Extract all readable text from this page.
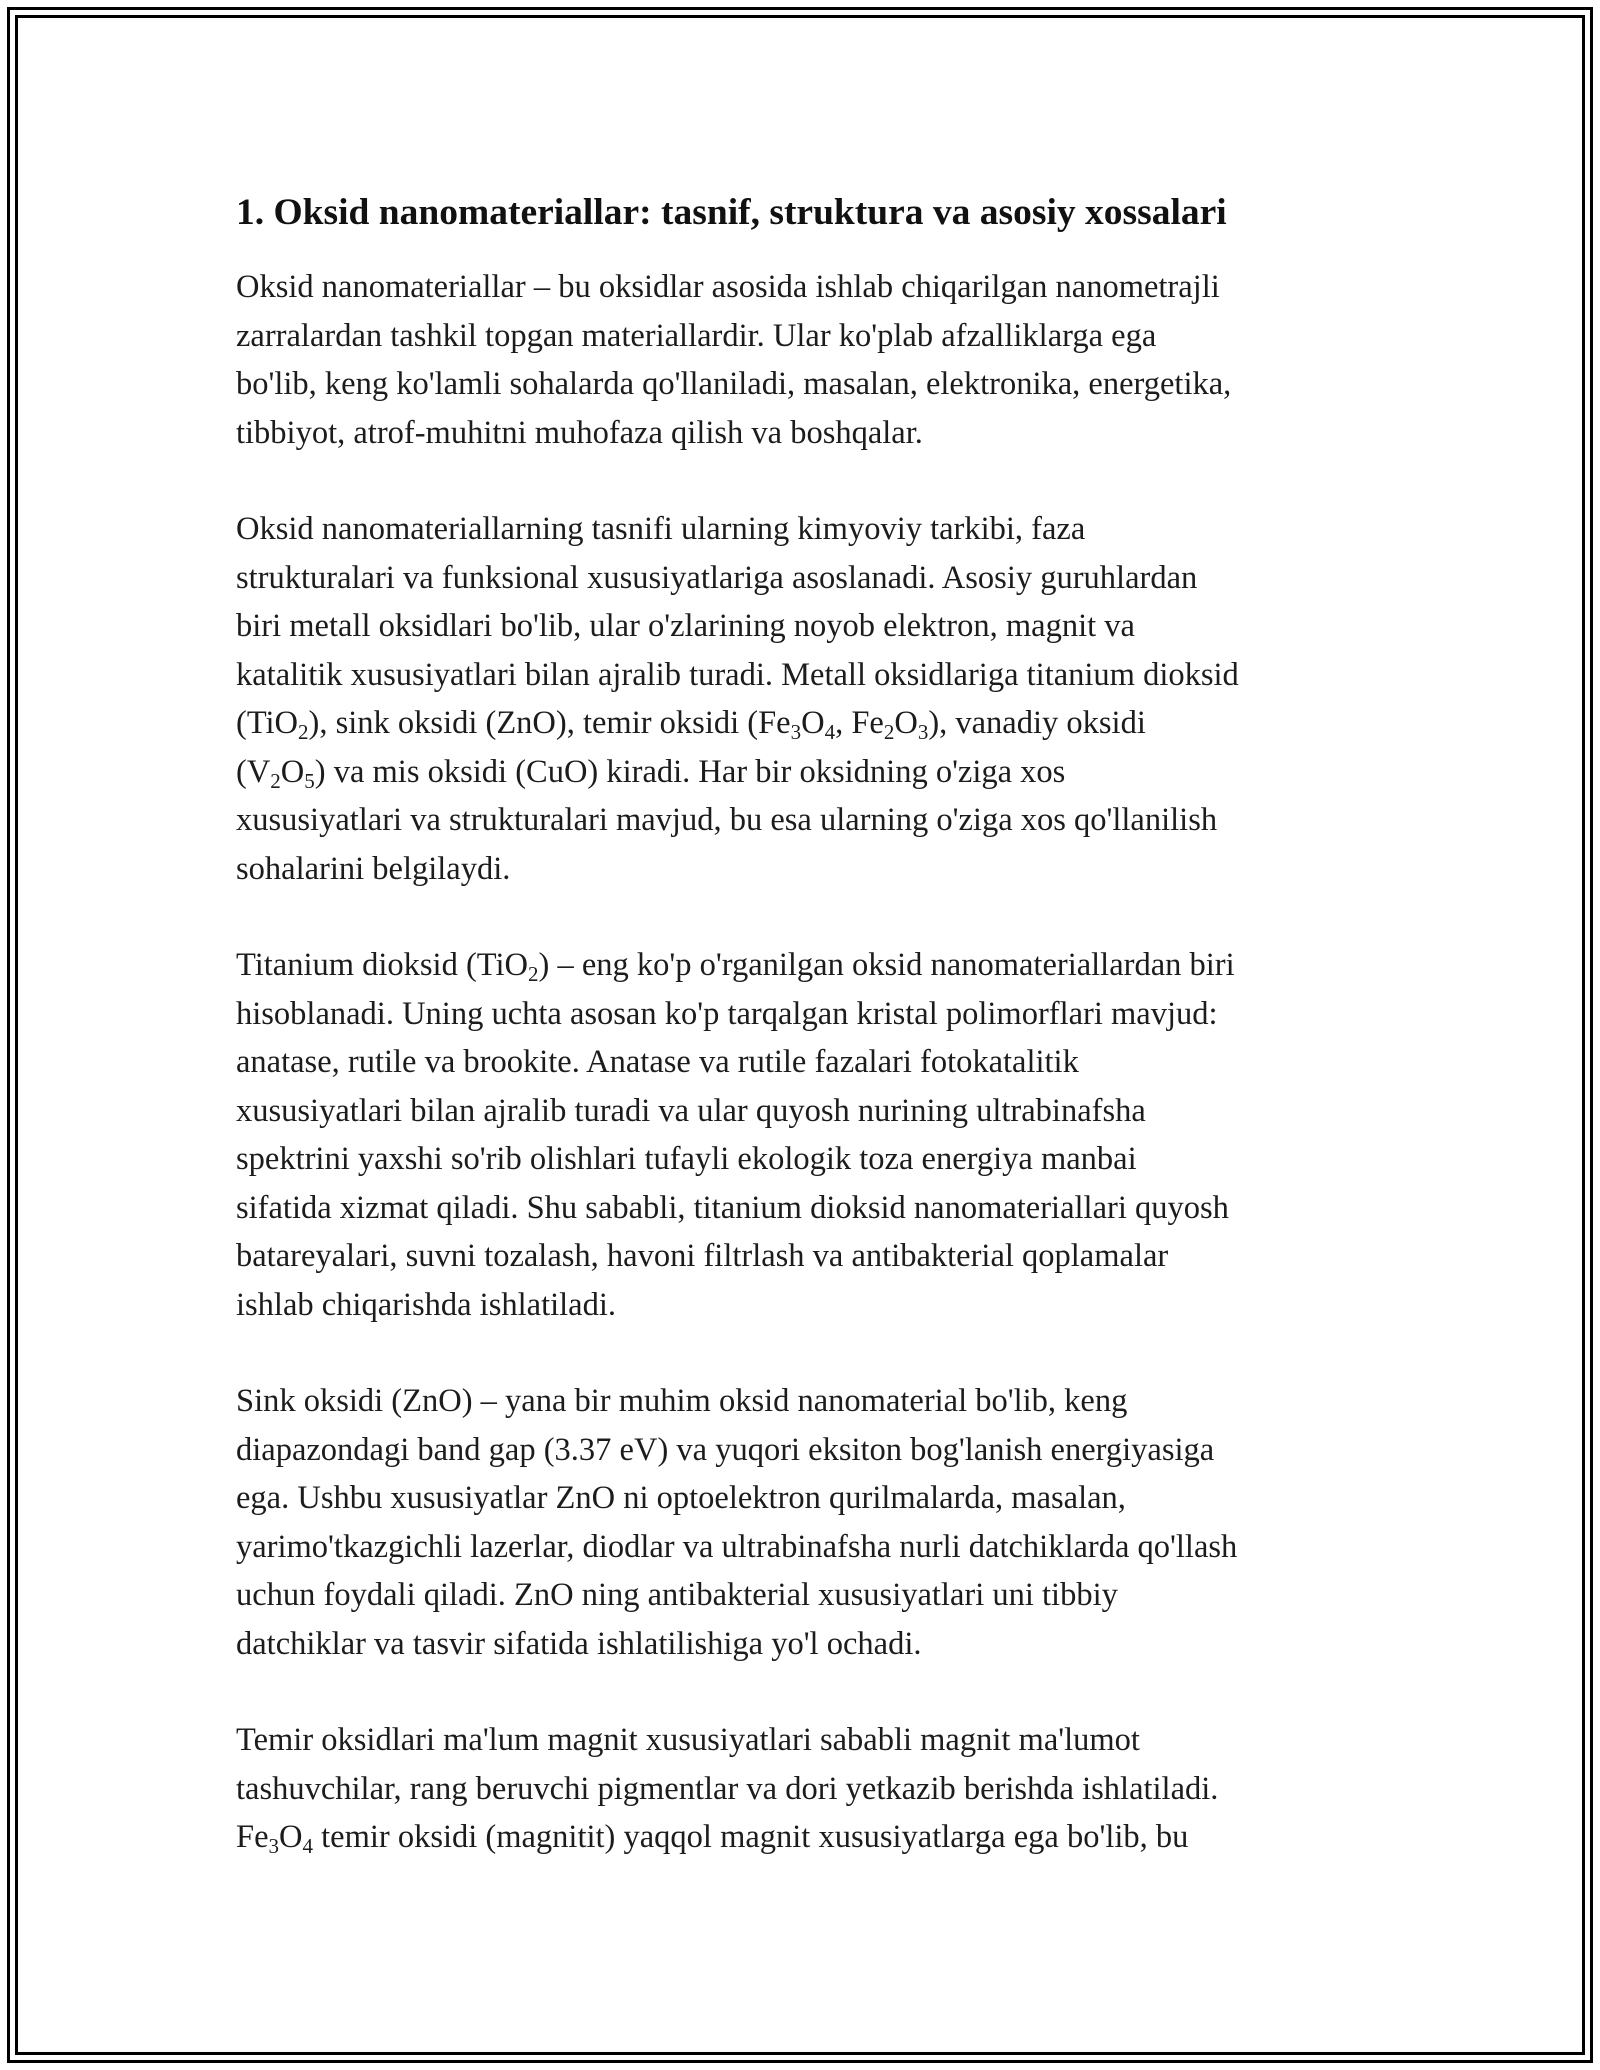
1. Oksid nanomateriallar: tasnif, struktura va asosiy xossalari

Oksid nanomateriallar – bu oksidlar asosida ishlab chiqarilgan nanometrajli
zarralardan tashkil topgan materiallardir. Ular ko'plab afzalliklarga ega
bo'lib, keng ko'lamli sohalarda qo'llaniladi, masalan, elektronika, energetika,
tibbiyot, atrof-muhitni muhofaza qilish va boshqalar.

Oksid nanomateriallarning tasnifi ularning kimyoviy tarkibi, faza
strukturalari va funksional xususiyatlariga asoslanadi. Asosiy guruhlardan
biri metall oksidlari bo'lib, ular o'zlarining noyob elektron, magnit va
katalitik xususiyatlari bilan ajralib turadi. Metall oksidlariga titanium dioksid
(TiO$_2$), sink oksidi (ZnO), temir oksidi ($Fe_3O_4$, $Fe_2O_3$), vanadiy oksidi
$(V_2O_5)$ va mis oksidi (CuO) kiradi. Har bir oksidning o'ziga xos
xususiyatlari va strukturalari mavjud, bu esa ularning o'ziga xos qo'llanilish
sohalarini belgilaydi.

Titanium dioksid (TiO$_2$) – eng ko'p o'rganilgan oksid nanomateriallardan biri
hisoblanadi. Uning uchta asosan ko'p tarqalgan kristal polimorflari mavjud:
anatase, rutile va brookite. Anatase va rutile fazalari fotokatalitik
xususiyatlari bilan ajralib turadi va ular quyosh nurining ultrabinafsha
spektrini yaxshi so'rib olishlari tufayli ekologik toza energiya manbai
sifatida xizmat qiladi. Shu sababli, titanium dioksid nanomateriallari quyosh
batareyalari, suvni tozalash, havoni filtrlash va antibakterial qoplamalar
ishlab chiqarishda ishlatiladi.

Sink oksidi (ZnO) – yana bir muhim oksid nanomaterial bo'lib, keng
diapazondagi band gap (3.37 eV) va yuqori eksiton bog'lanish energiyasiga
ega. Ushbu xususiyatlar ZnO ni optoelektron qurilmalarda, masalan,
yarimo'tkazgichli lazerlar, diodlar va ultrabinafsha nurli datchiklarda qo'llash
uchun foydali qiladi. ZnO ning antibakterial xususiyatlari uni tibbiy
datchiklar va tasvir sifatida ishlatilishiga yo'l ochadi.

Temir oksidlari ma'lum magnit xususiyatlari sababli magnit ma'lumot
tashuvchilar, rang beruvchi pigmentlar va dori yetkazib berishda ishlatiladi.
$Fe_3O_4$ temir oksidi (magnitit) yaqqol magnit xususiyatlarga ega bo'lib, bu
